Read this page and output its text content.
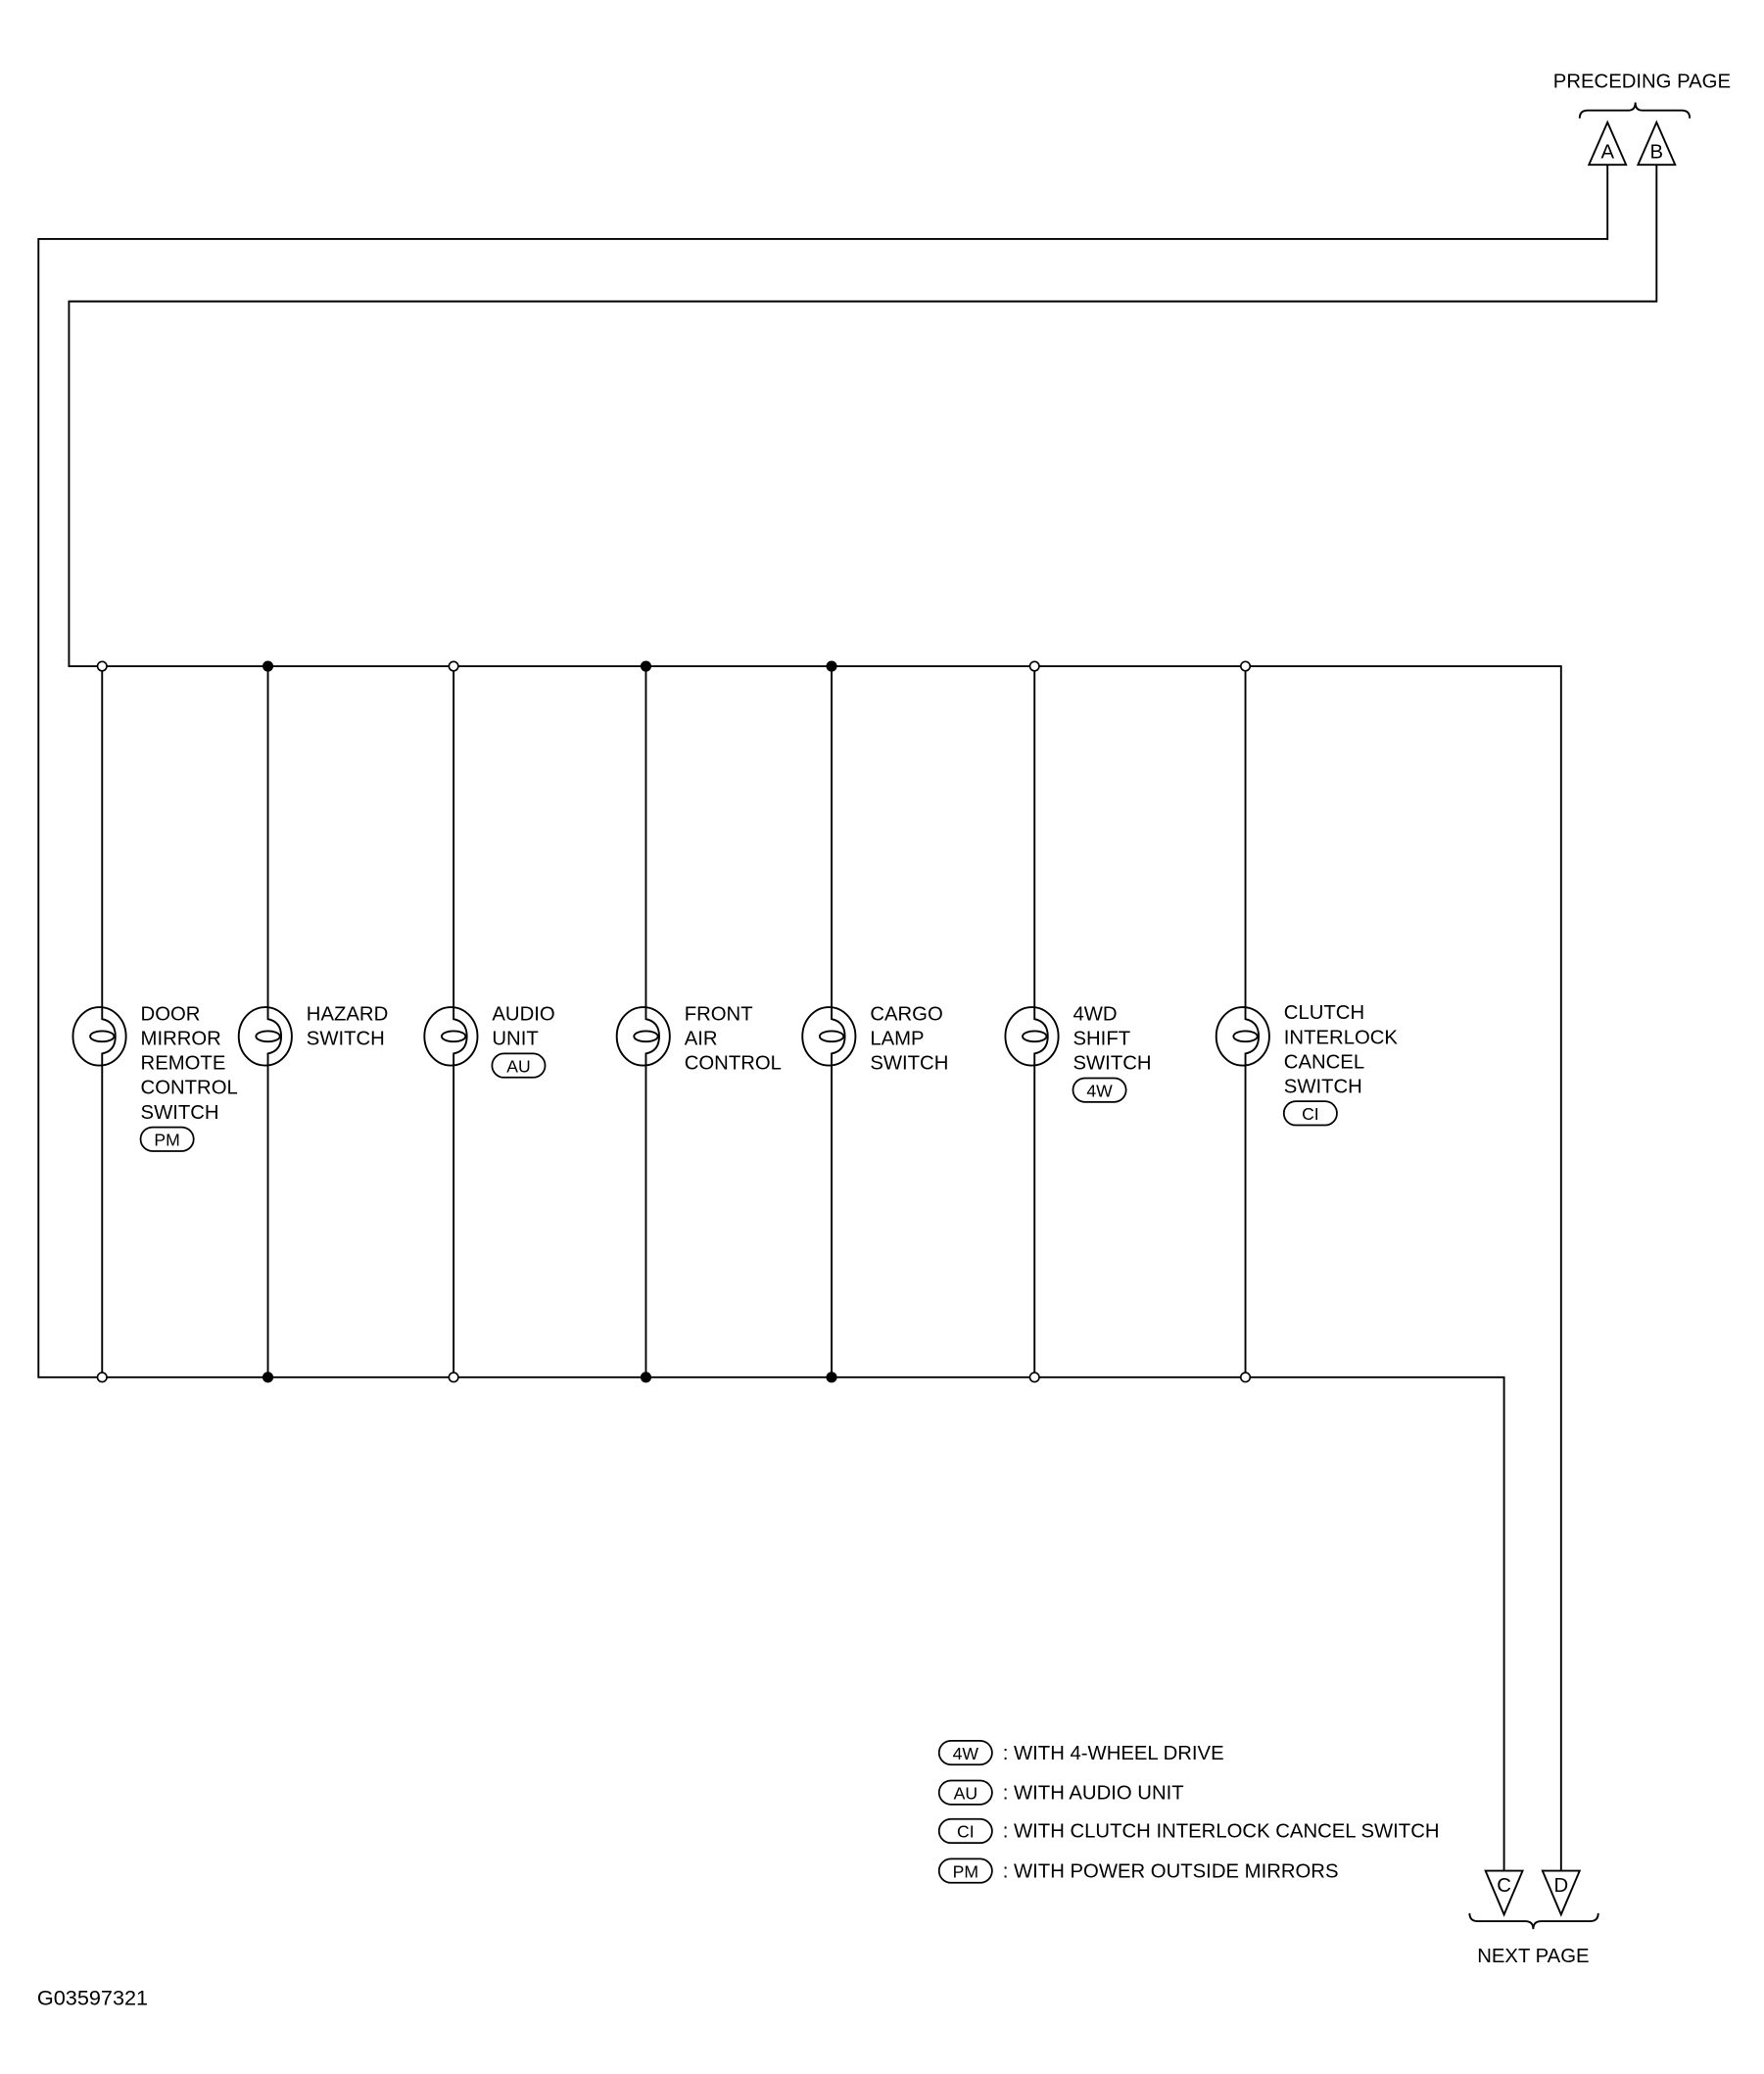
PRECEDING PAGE
NEXT PAGE
G03597321
A B
C	D
DOOR
MIRROR
REMOTE
CONTROL
SWITCH
PM
HAZARD
SWITCH
AUDIO
UNIT
AU
FRONT
AIR
CONTROL
CARGO
LAMP
SWITCH
4WD
SHIFT
SWITCH
4W
CLUTCH
INTERLOCK
CANCEL
SWITCH
CI
4W : WITH 4-WHEEL DRIVE
AU : WITH AUDIO UNIT
CI : WITH CLUTCH INTERLOCK CANCEL SWITCH
PM : WITH POWER OUTSIDE MIRRORS
